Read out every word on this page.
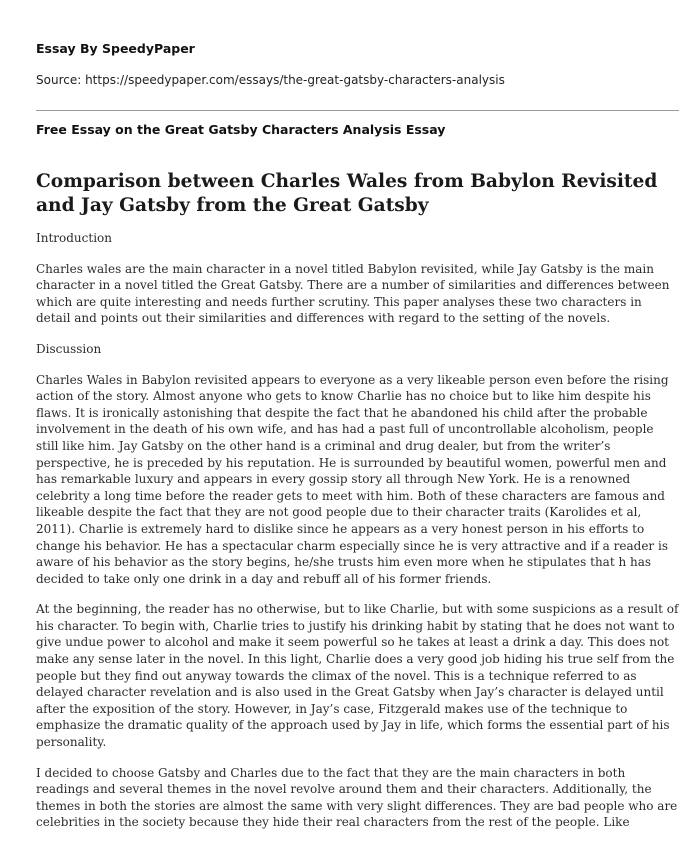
Essay By SpeedyPaper
Source: https://speedypaper.com/essays/the-great-gatsby-characters-analysis
Free Essay on the Great Gatsby Characters Analysis Essay
Comparison between Charles Wales from Babylon Revisited and Jay Gatsby from the Great Gatsby

Introduction

Charles wales are the main character in a novel titled Babylon revisited, while Jay Gatsby is the main character in a novel titled the Great Gatsby. There are a number of similarities and differences between which are quite interesting and needs further scrutiny. This paper analyses these two characters in detail and points out their similarities and differences with regard to the setting of the novels.

Discussion

Charles Wales in Babylon revisited appears to everyone as a very likeable person even before the rising action of the story. Almost anyone who gets to know Charlie has no choice but to like him despite his flaws. It is ironically astonishing that despite the fact that he abandoned his child after the probable involvement in the death of his own wife, and has had a past full of uncontrollable alcoholism, people still like him. Jay Gatsby on the other hand is a criminal and drug dealer, but from the writer’s perspective, he is preceded by his reputation. He is surrounded by beautiful women, powerful men and has remarkable luxury and appears in every gossip story all through New York. He is a renowned celebrity a long time before the reader gets to meet with him. Both of these characters are famous and likeable despite the fact that they are not good people due to their character traits (Karolides et al, 2011). Charlie is extremely hard to dislike since he appears as a very honest person in his efforts to change his behavior. He has a spectacular charm especially since he is very attractive and if a reader is aware of his behavior as the story begins, he/she trusts him even more when he stipulates that h has decided to take only one drink in a day and rebuff all of his former friends.

At the beginning, the reader has no otherwise, but to like Charlie, but with some suspicions as a result of his character. To begin with, Charlie tries to justify his drinking habit by stating that he does not want to give undue power to alcohol and make it seem powerful so he takes at least a drink a day. This does not make any sense later in the novel. In this light, Charlie does a very good job hiding his true self from the people but they find out anyway towards the climax of the novel. This is a technique referred to as delayed character revelation and is also used in the Great Gatsby when Jay’s character is delayed until after the exposition of the story. However, in Jay’s case, Fitzgerald makes use of the technique to emphasize the dramatic quality of the approach used by Jay in life, which forms the essential part of his personality.

I decided to choose Gatsby and Charles due to the fact that they are the main characters in both readings and several themes in the novel revolve around them and their characters. Additionally, the themes in both the stories are almost the same with very slight differences. They are bad people who are celebrities in the society because they hide their real characters from the rest of the people. Like
